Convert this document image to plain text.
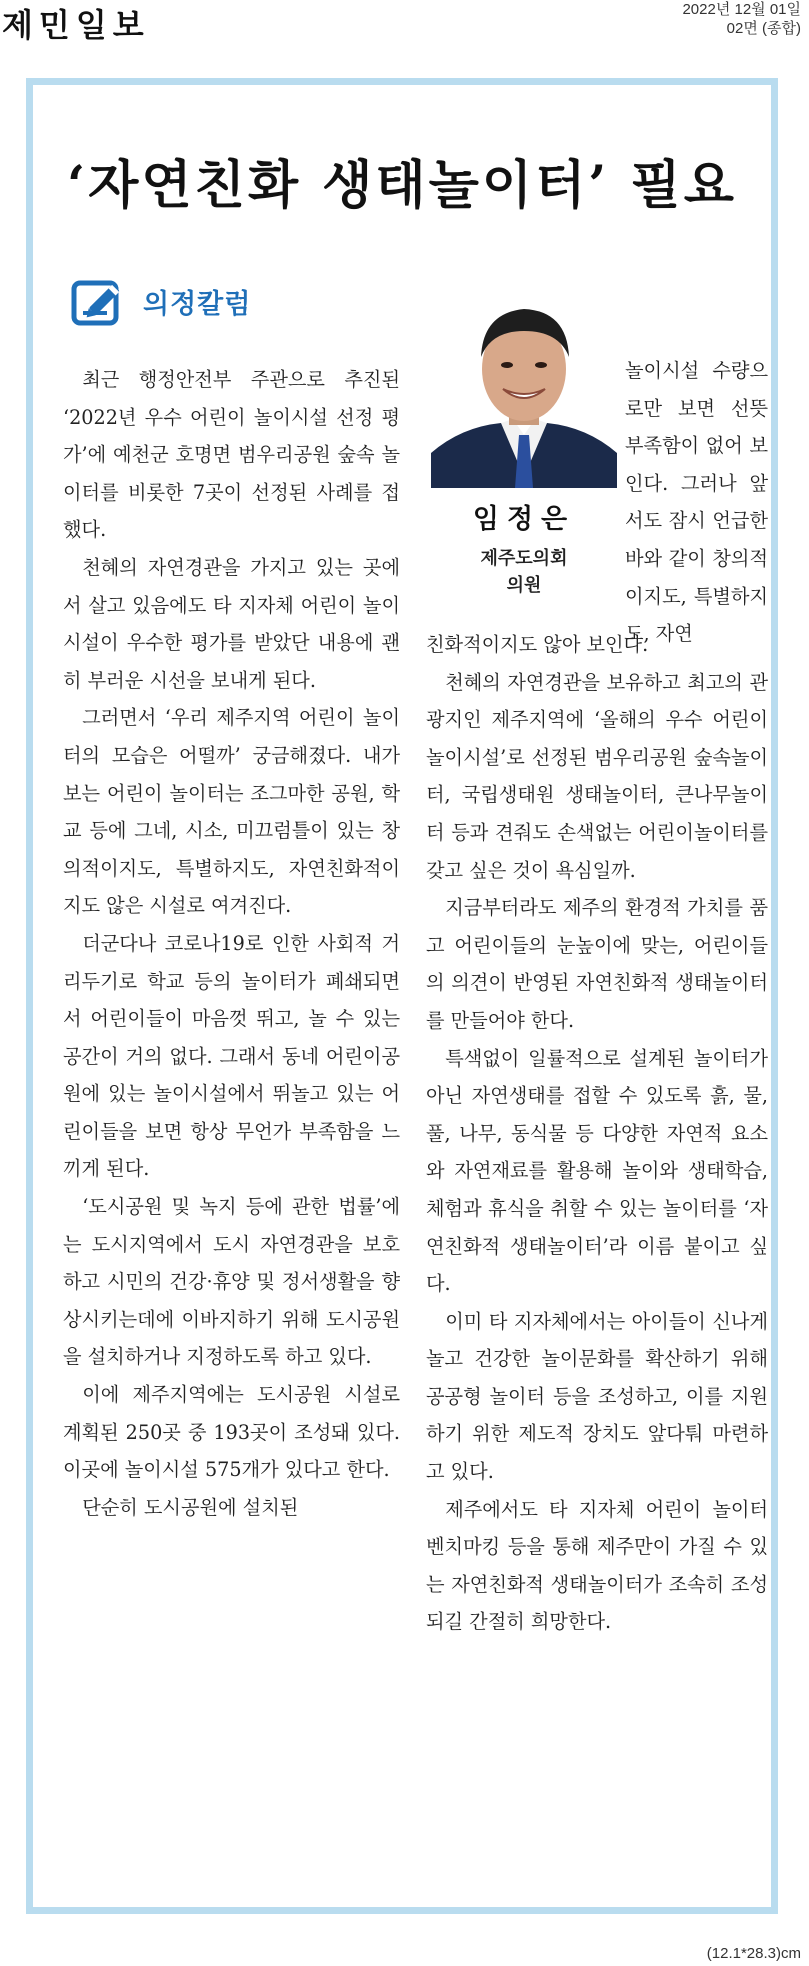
제민일보	2022년 12월 01일
02면 (종합)
‘자연친화 생태놀이터’ 필요
의정칼럼
임정은
제주도의회
의원

놀이시설 수량으로만 보면 선뜻 부족함이 없어 보인다. 그러나 앞서도 잠시 언급한 바와 같이 창의적이지도, 특별하지도, 자연

최근 행정안전부 주관으로 추진된 ‘2022년 우수 어린이 놀이시설 선정 평가’에 예천군 호명면 범우리공원 숲속 놀이터를 비롯한 7곳이 선정된 사례를 접했다.

천혜의 자연경관을 가지고 있는 곳에서 살고 있음에도 타 지자체 어린이 놀이시설이 우수한 평가를 받았단 내용에 괜히 부러운 시선을 보내게 된다.

그러면서 ‘우리 제주지역 어린이 놀이터의 모습은 어떨까’ 궁금해졌다. 내가 보는 어린이 놀이터는 조그마한 공원, 학교 등에 그네, 시소, 미끄럼틀이 있는 창의적이지도, 특별하지도, 자연친화적이지도 않은 시설로 여겨진다.

더군다나 코로나19로 인한 사회적 거리두기로 학교 등의 놀이터가 폐쇄되면서 어린이들이 마음껏 뛰고, 놀 수 있는 공간이 거의 없다. 그래서 동네 어린이공원에 있는 놀이시설에서 뛰놀고 있는 어린이들을 보면 항상 무언가 부족함을 느끼게 된다.

‘도시공원 및 녹지 등에 관한 법률’에는 도시지역에서 도시 자연경관을 보호하고 시민의 건강·휴양 및 정서생활을 향상시키는데에 이바지하기 위해 도시공원을 설치하거나 지정하도록 하고 있다.

이에 제주지역에는 도시공원 시설로 계획된 250곳 중 193곳이 조성돼 있다. 이곳에 놀이시설 575개가 있다고 한다.

단순히 도시공원에 설치된

친화적이지도 않아 보인다.

천혜의 자연경관을 보유하고 최고의 관광지인 제주지역에 ‘올해의 우수 어린이놀이시설’로 선정된 범우리공원 숲속놀이터, 국립생태원 생태놀이터, 큰나무놀이터 등과 견줘도 손색없는 어린이놀이터를 갖고 싶은 것이 욕심일까.

지금부터라도 제주의 환경적 가치를 품고 어린이들의 눈높이에 맞는, 어린이들의 의견이 반영된 자연친화적 생태놀이터를 만들어야 한다.

특색없이 일률적으로 설계된 놀이터가 아닌 자연생태를 접할 수 있도록 흙, 물, 풀, 나무, 동식물 등 다양한 자연적 요소와 자연재료를 활용해 놀이와 생태학습, 체험과 휴식을 취할 수 있는 놀이터를 ‘자연친화적 생태놀이터’라 이름 붙이고 싶다.

이미 타 지자체에서는 아이들이 신나게 놀고 건강한 놀이문화를 확산하기 위해 공공형 놀이터 등을 조성하고, 이를 지원하기 위한 제도적 장치도 앞다퉈 마련하고 있다.

제주에서도 타 지자체 어린이 놀이터 벤치마킹 등을 통해 제주만이 가질 수 있는 자연친화적 생태놀이터가 조속히 조성되길 간절히 희망한다.

(12.1*28.3)cm
